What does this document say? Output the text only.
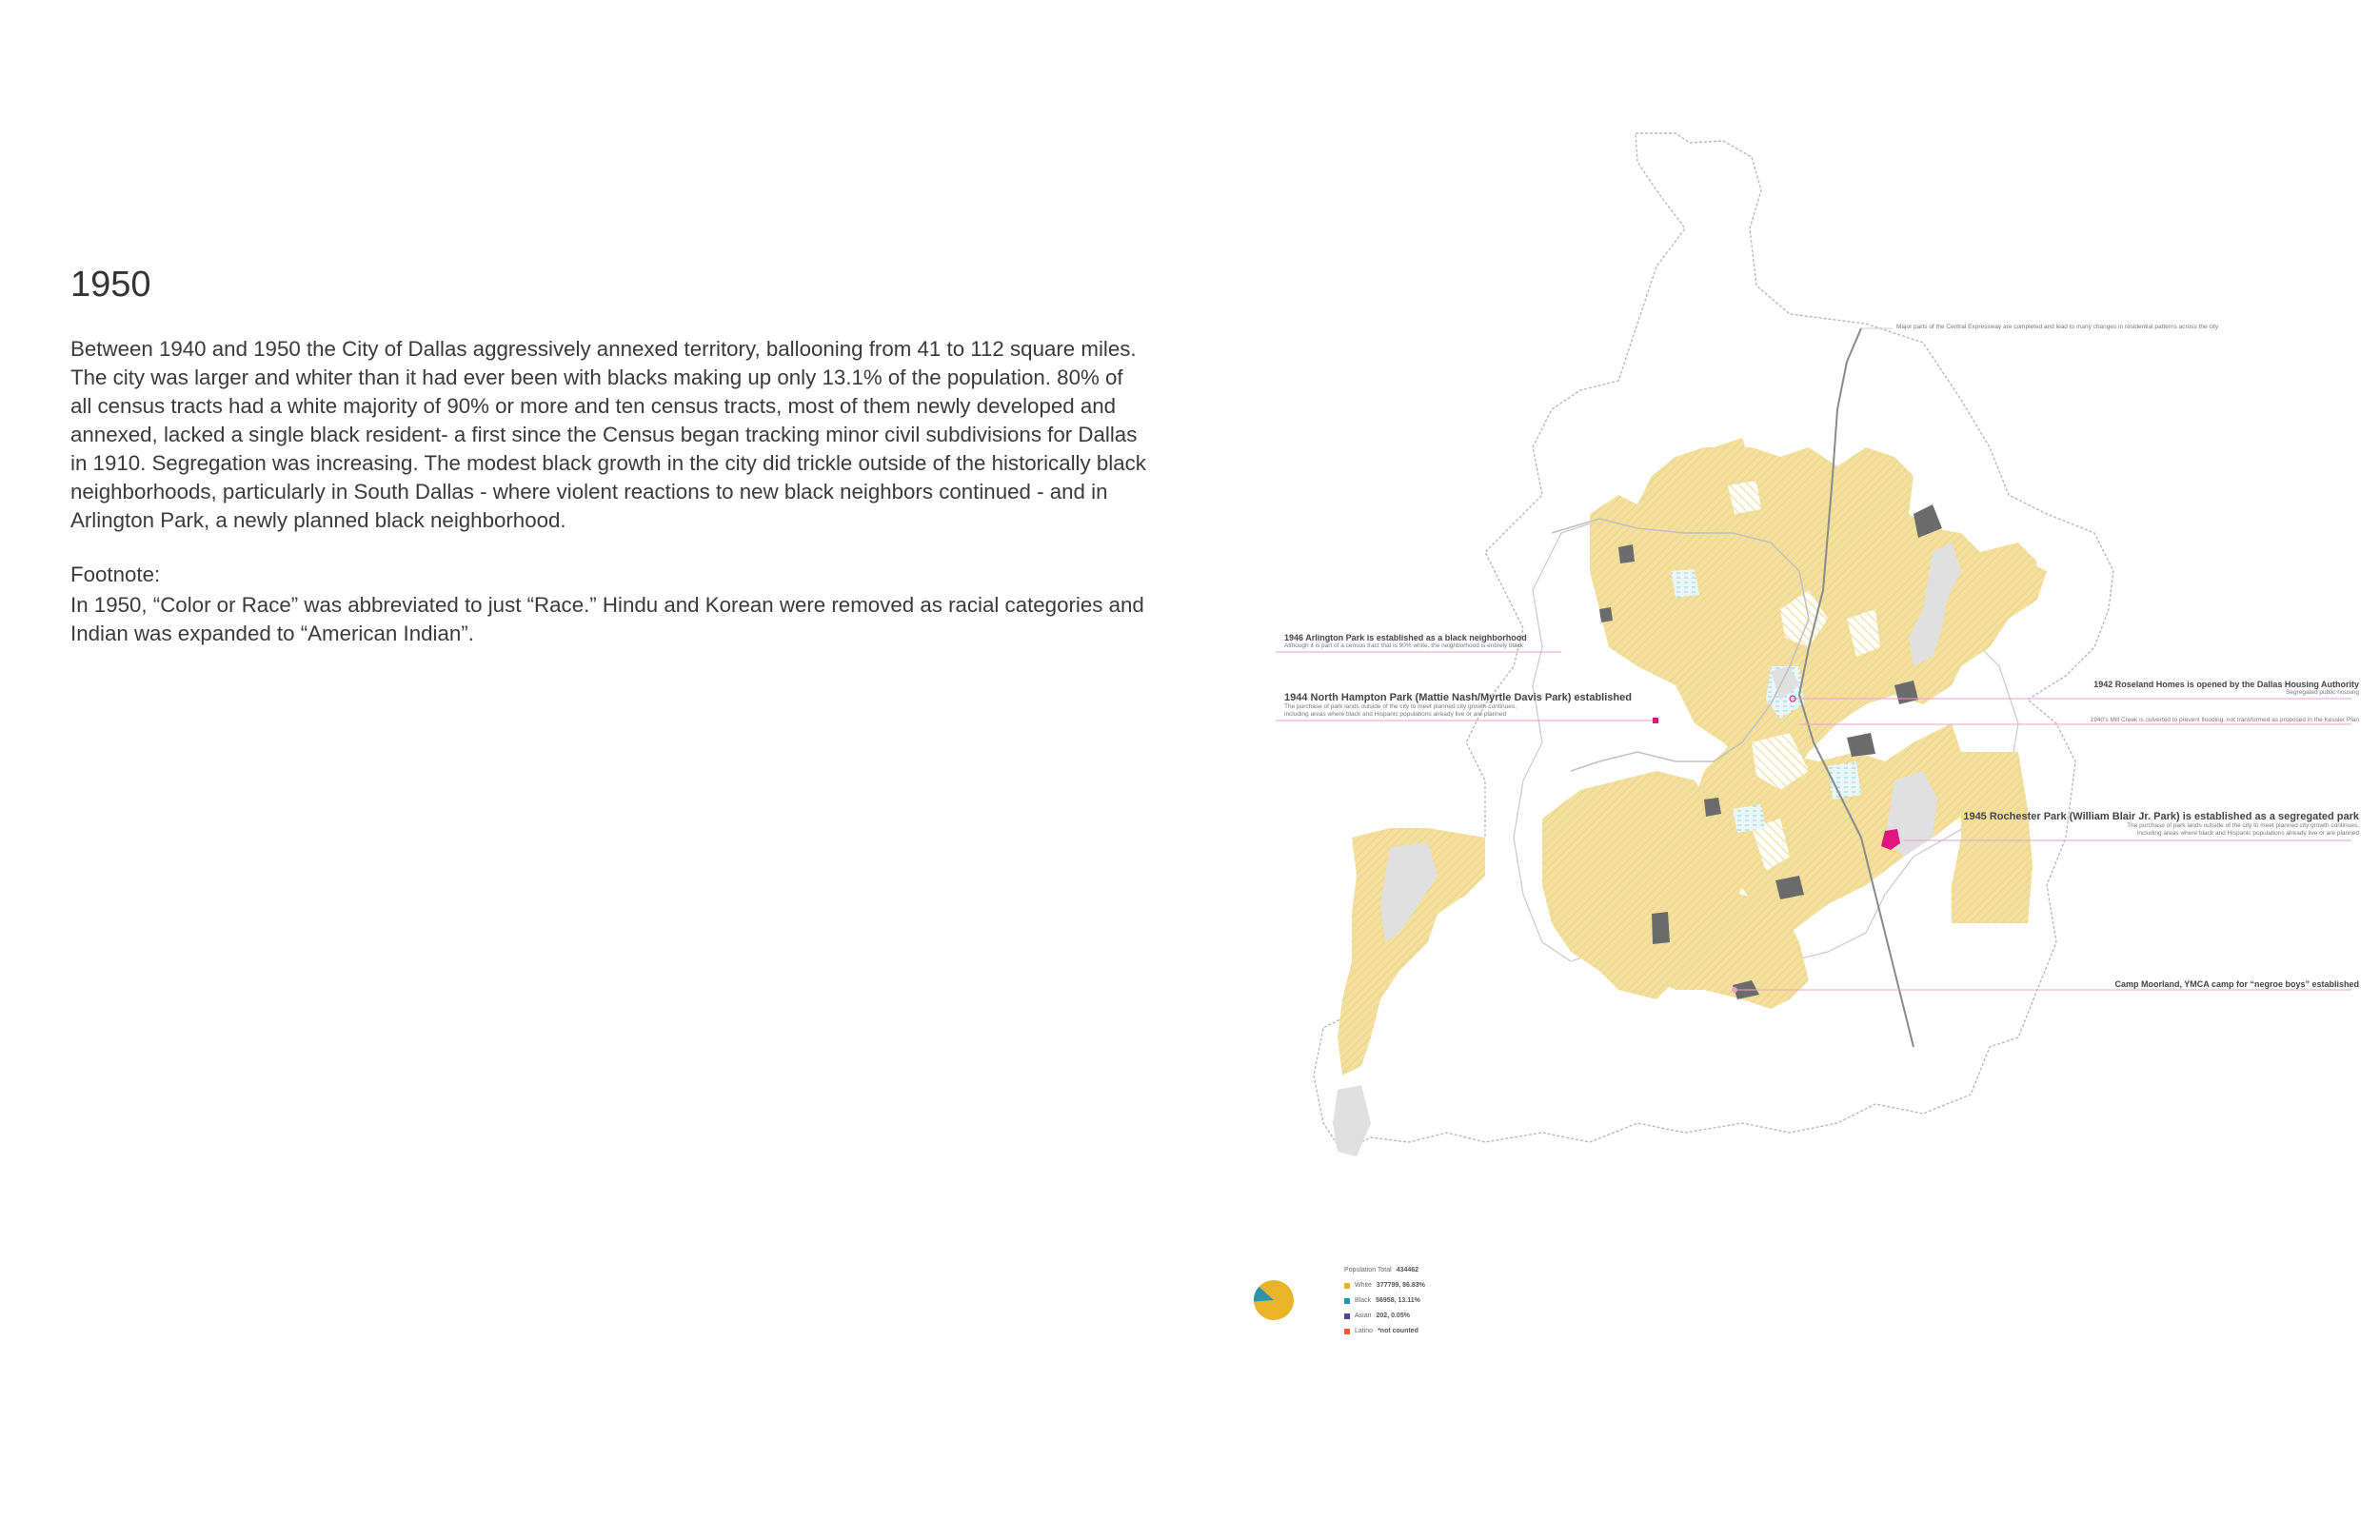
1950
Between 1940 and 1950 the City of Dallas aggressively annexed territory, ballooning from 41 to 112 square miles. The city was larger and whiter than it had ever been with blacks making up only 13.1% of the population. 80% of all census tracts had a white majority of 90% or more and ten census tracts, most of them newly developed and annexed, lacked a single black resident- a first since the Census began tracking minor civil subdivisions for Dallas in 1910. Segregation was increasing. The modest black growth in the city did trickle outside of the historically black neighborhoods, particularly in South Dallas - where violent reactions to new black neighbors continued - and in Arlington Park, a newly planned black neighborhood.
Footnote:
In 1950, “Color or Race” was abbreviated to just “Race.” Hindu and Korean were removed as racial categories and Indian was expanded to “American Indian”.
Major parts of the Central Expressway are completed and lead to many changes in residential patterns across the city
1946 Arlington Park is established as a black neighborhood
Although it is part of a census tract that is 90% white, the neighborhood is entirely black
1944 North Hampton Park (Mattie Nash/Myrtle Davis Park) established
The purchase of park lands outside of the city to meet planned city growth continues,
including areas where black and Hispanic populations already live or are planned
1942 Roseland Homes is opened by the Dallas Housing Authority
Segregated public housing
1940's Mill Creek is culverted to prevent flooding, not transformed as proposed in the Kessler Plan
1945 Rochester Park (William Blair Jr. Park) is established as a segregated park
The purchase of park lands outside of the city to meet planned city growth continues,
including areas where black and Hispanic populations already live or are planned
Camp Moorland, YMCA camp for “negroe boys” established
Population Total 434462
White 377799, 86.83%
Black 56958, 13.11%
Asian 202, 0.05%
Latino *not counted
